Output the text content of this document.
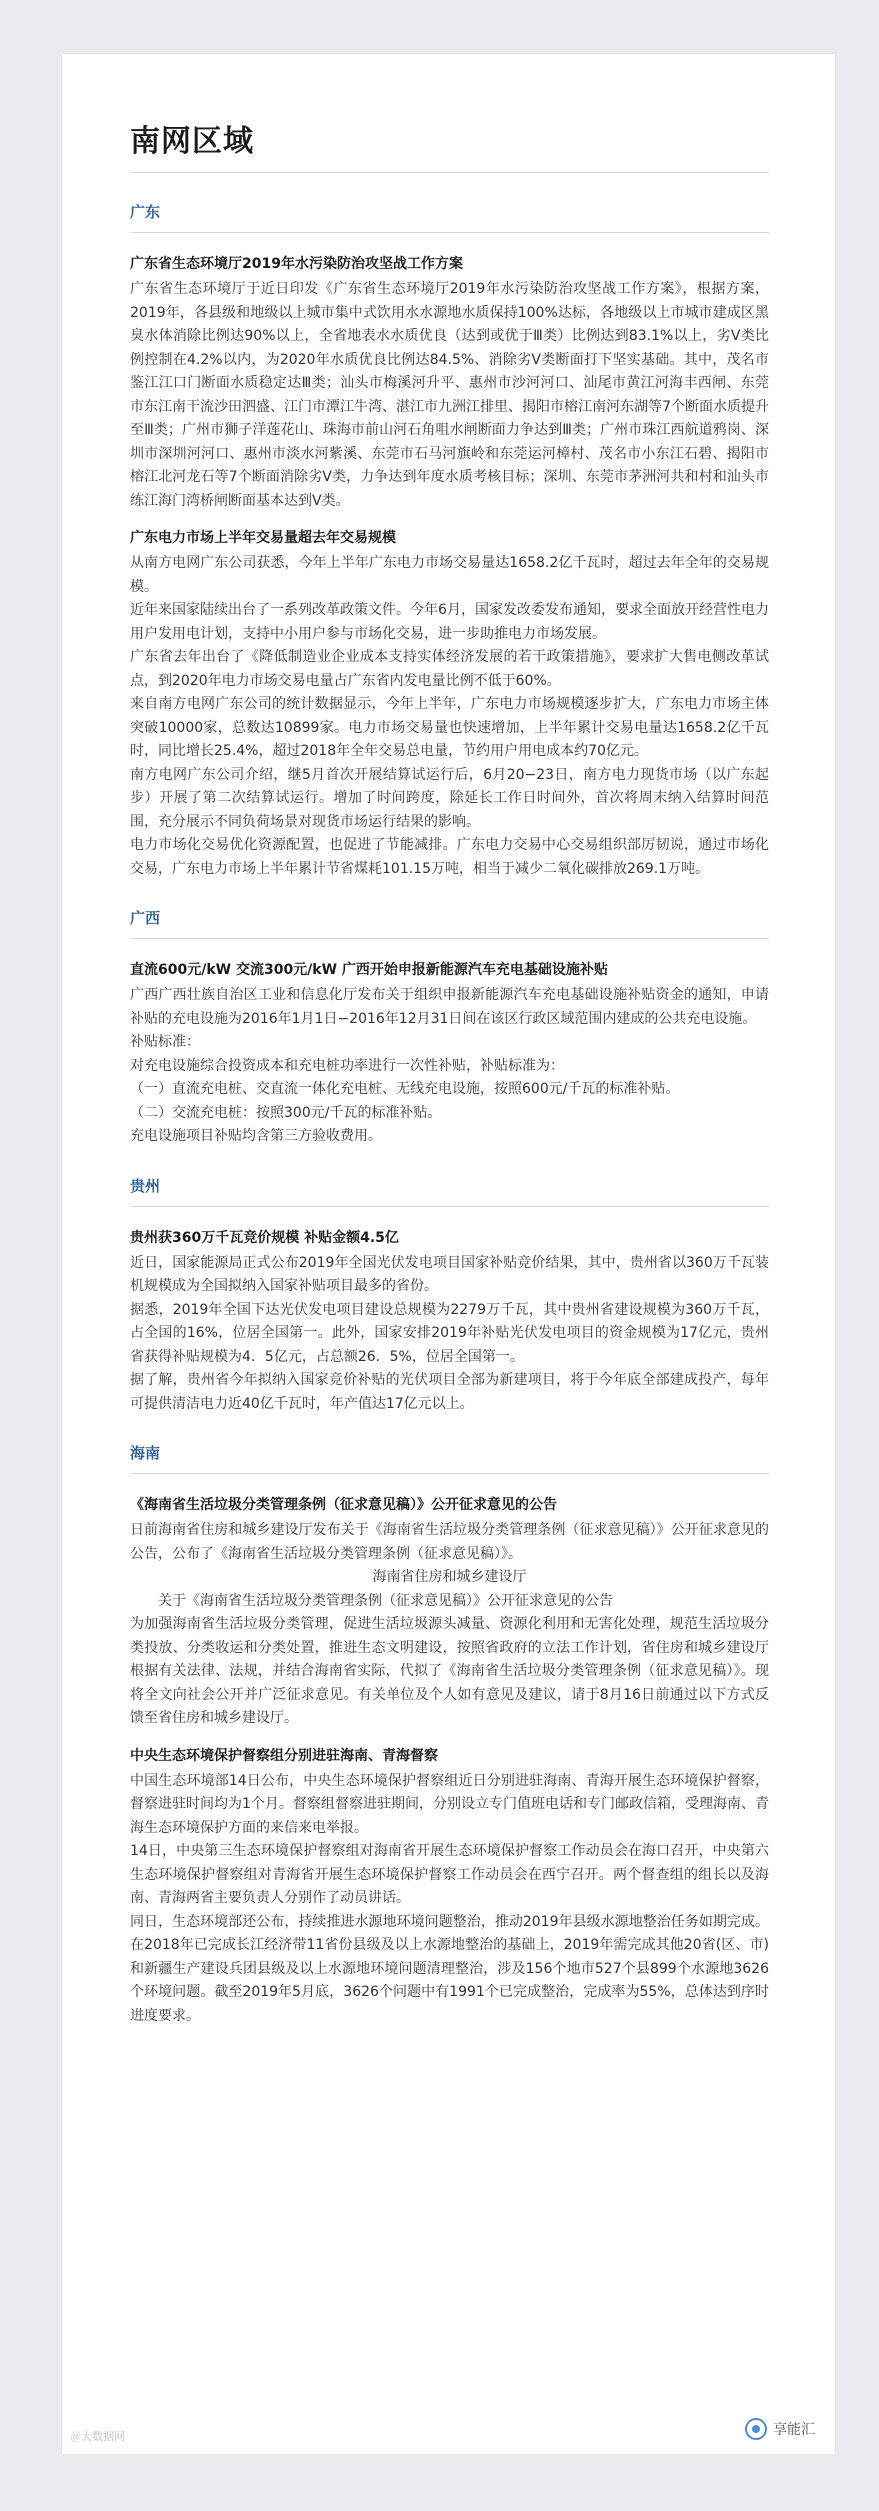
南网区域
广东
广东省生态环境厅2019年水污染防治攻坚战工作方案

广东省生态环境厅于近日印发《广东省生态环境厅2019年水污染防治攻坚战工作方案》，根据方案，2019年，各县级和地级以上城市集中式饮用水水源地水质保持100%达标，各地级以上市城市建成区黑臭水体消除比例达90%以上，全省地表水水质优良（达到或优于Ⅲ类）比例达到83.1%以上，劣Ⅴ类比例控制在4.2%以内，为2020年水质优良比例达84.5%、消除劣Ⅴ类断面打下坚实基础。其中，茂名市鉴江江口门断面水质稳定达Ⅲ类；汕头市梅溪河升平、惠州市沙河河口、汕尾市黄江河海丰西闸、东莞市东江南干流沙田泗盛、江门市潭江牛湾、湛江市九洲江排里、揭阳市榕江南河东湖等7个断面水质提升至Ⅲ类；广州市狮子洋莲花山、珠海市前山河石角咀水闸断面力争达到Ⅲ类；广州市珠江西航道鸦岗、深圳市深圳河河口、惠州市淡水河紫溪、东莞市石马河旗岭和东莞运河樟村、茂名市小东江石碧、揭阳市榕江北河龙石等7个断面消除劣Ⅴ类，力争达到年度水质考核目标；深圳、东莞市茅洲河共和村和汕头市练江海门湾桥闸断面基本达到Ⅴ类。

广东电力市场上半年交易量超去年交易规模

从南方电网广东公司获悉，今年上半年广东电力市场交易量达1658.2亿千瓦时，超过去年全年的交易规模。

近年来国家陆续出台了一系列改革政策文件。今年6月，国家发改委发布通知，要求全面放开经营性电力用户发用电计划，支持中小用户参与市场化交易，进一步助推电力市场发展。

广东省去年出台了《降低制造业企业成本支持实体经济发展的若干政策措施》，要求扩大售电侧改革试点，到2020年电力市场交易电量占广东省内发电量比例不低于60%。

来自南方电网广东公司的统计数据显示，今年上半年，广东电力市场规模逐步扩大，广东电力市场主体突破10000家，总数达10899家。电力市场交易量也快速增加，上半年累计交易电量达1658.2亿千瓦时，同比增长25.4%，超过2018年全年交易总电量，节约用户用电成本约70亿元。

南方电网广东公司介绍，继5月首次开展结算试运行后，6月20−23日，南方电力现货市场（以广东起步）开展了第二次结算试运行。增加了时间跨度，除延长工作日时间外，首次将周末纳入结算时间范围，充分展示不同负荷场景对现货市场运行结果的影响。

电力市场化交易优化资源配置，也促进了节能减排。广东电力交易中心交易组织部厉韧说，通过市场化交易，广东电力市场上半年累计节省煤耗101.15万吨，相当于减少二氧化碳排放269.1万吨。

广西
直流600元/kW 交流300元/kW 广西开始申报新能源汽车充电基础设施补贴

广西广西壮族自治区工业和信息化厅发布关于组织申报新能源汽车充电基础设施补贴资金的通知，申请补贴的充电设施为2016年1月1日−2016年12月31日间在该区行政区域范围内建成的公共充电设施。

补贴标准：

对充电设施综合投资成本和充电桩功率进行一次性补贴，补贴标准为：

（一）直流充电桩、交直流一体化充电桩、无线充电设施，按照600元/千瓦的标准补贴。

（二）交流充电桩：按照300元/千瓦的标准补贴。

充电设施项目补贴均含第三方验收费用。

贵州
贵州获360万千瓦竞价规模 补贴金额4.5亿

近日，国家能源局正式公布2019年全国光伏发电项目国家补贴竞价结果，其中，贵州省以360万千瓦装机规模成为全国拟纳入国家补贴项目最多的省份。

据悉，2019年全国下达光伏发电项目建设总规模为2279万千瓦，其中贵州省建设规模为360万千瓦，占全国的16%，位居全国第一。此外，国家安排2019年补贴光伏发电项目的资金规模为17亿元，贵州省获得补贴规模为4．5亿元，占总额26．5%，位居全国第一。

据了解，贵州省今年拟纳入国家竞价补贴的光伏项目全部为新建项目，将于今年底全部建成投产，每年可提供清洁电力近40亿千瓦时，年产值达17亿元以上。

海南
《海南省生活垃圾分类管理条例（征求意见稿）》公开征求意见的公告

日前海南省住房和城乡建设厅发布关于《海南省生活垃圾分类管理条例（征求意见稿）》公开征求意见的公告，公布了《海南省生活垃圾分类管理条例（征求意见稿）》。

海南省住房和城乡建设厅

关于《海南省生活垃圾分类管理条例（征求意见稿）》公开征求意见的公告

为加强海南省生活垃圾分类管理，促进生活垃圾源头减量、资源化利用和无害化处理，规范生活垃圾分类投放、分类收运和分类处置，推进生态文明建设，按照省政府的立法工作计划，省住房和城乡建设厅根据有关法律、法规，并结合海南省实际，代拟了《海南省生活垃圾分类管理条例（征求意见稿）》。现将全文向社会公开并广泛征求意见。有关单位及个人如有意见及建议，请于8月16日前通过以下方式反馈至省住房和城乡建设厅。

中央生态环境保护督察组分别进驻海南、青海督察

中国生态环境部14日公布，中央生态环境保护督察组近日分别进驻海南、青海开展生态环境保护督察，督察进驻时间均为1个月。督察组督察进驻期间，分别设立专门值班电话和专门邮政信箱，受理海南、青海生态环境保护方面的来信来电举报。

14日，中央第三生态环境保护督察组对海南省开展生态环境保护督察工作动员会在海口召开，中央第六生态环境保护督察组对青海省开展生态环境保护督察工作动员会在西宁召开。两个督查组的组长以及海南、青海两省主要负责人分别作了动员讲话。

同日，生态环境部还公布，持续推进水源地环境问题整治，推动2019年县级水源地整治任务如期完成。在2018年已完成长江经济带11省份县级及以上水源地整治的基础上，2019年需完成其他20省(区、市)和新疆生产建设兵团县级及以上水源地环境问题清理整治，涉及156个地市527个县899个水源地3626个环境问题。截至2019年5月底，3626个问题中有1991个已完成整治，完成率为55%，总体达到序时进度要求。

＠大数据网	享能汇
